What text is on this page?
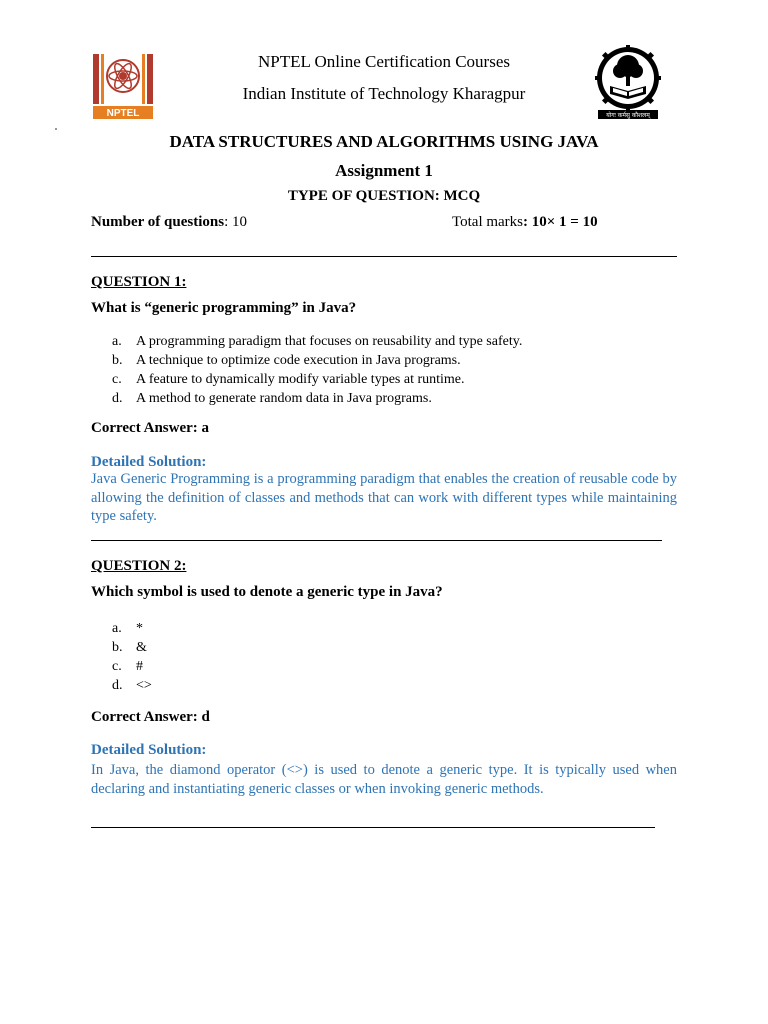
NPTEL	योगः कर्मसु कौशलम्
NPTEL Online Certification Courses
Indian Institute of Technology Kharagpur
DATA STRUCTURES AND ALGORITHMS USING JAVA
Assignment 1
TYPE OF QUESTION: MCQ
Number of questions: 10	Total marks: 10× 1 = 10
QUESTION 1:
What is “generic programming” in Java?
a.	A programming paradigm that focuses on reusability and type safety.
b. A technique to optimize code execution in Java programs.
c.	A feature to dynamically modify variable types at runtime.
d. A method to generate random data in Java programs.
Correct Answer: a
Detailed Solution:
Java Generic Programming is a programming paradigm that enables the creation of reusable code by allowing the definition of classes and methods that can work with different types while maintaining type safety.
QUESTION 2:
Which symbol is used to denote a generic type in Java?
a.	*
b. &
c.	#
d. <>
Correct Answer: d
Detailed Solution:
In Java, the diamond operator (<>) is used to denote a generic type. It is typically used when declaring and instantiating generic classes or when invoking generic methods.
